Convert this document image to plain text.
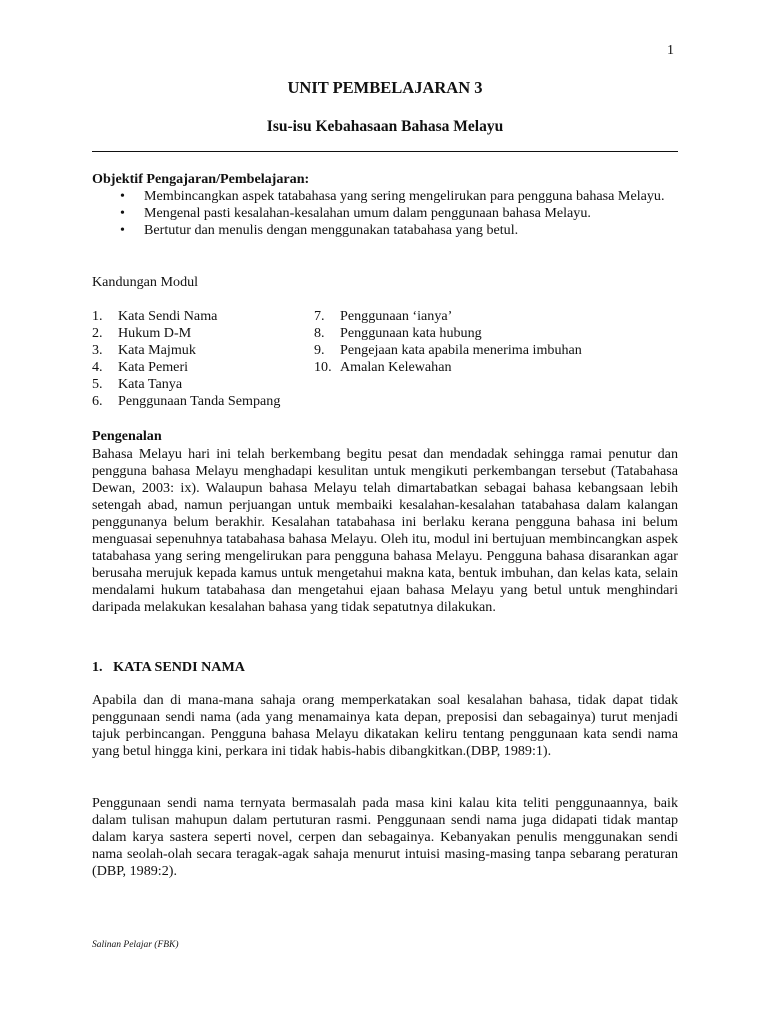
1
UNIT PEMBELAJARAN 3
Isu-isu Kebahasaan Bahasa Melayu
Objektif Pengajaran/Pembelajaran:
• Membincangkan aspek tatabahasa yang sering mengelirukan para pengguna bahasa Melayu.
• Mengenal pasti kesalahan-kesalahan umum dalam penggunaan bahasa Melayu.
• Bertutur dan menulis dengan menggunakan tatabahasa yang betul.
Kandungan Modul
1. Kata Sendi Nama
2. Hukum D-M
3. Kata Majmuk
4. Kata Pemeri
5. Kata Tanya
6. Penggunaan Tanda Sempang
7. Penggunaan ‘ianya’
8. Penggunaan kata hubung
9. Pengejaan kata apabila menerima imbuhan
10. Amalan Kelewahan
Pengenalan
Bahasa Melayu hari ini telah berkembang begitu pesat dan mendadak sehingga ramai penutur dan pengguna bahasa Melayu menghadapi kesulitan untuk mengikuti perkembangan tersebut (Tatabahasa Dewan, 2003: ix). Walaupun bahasa Melayu telah dimartabatkan sebagai bahasa kebangsaan lebih setengah abad, namun perjuangan untuk membaiki kesalahan-kesalahan tatabahasa dalam kalangan penggunanya belum berakhir. Kesalahan tatabahasa ini berlaku kerana pengguna bahasa ini belum menguasai sepenuhnya tatabahasa bahasa Melayu. Oleh itu, modul ini bertujuan membincangkan aspek tatabahasa yang sering mengelirukan para pengguna bahasa Melayu. Pengguna bahasa disarankan agar berusaha merujuk kepada kamus untuk mengetahui makna kata, bentuk imbuhan, dan kelas kata, selain mendalami hukum tatabahasa dan mengetahui ejaan bahasa Melayu yang betul untuk menghindari daripada melakukan kesalahan bahasa yang tidak sepatutnya dilakukan.
1.   KATA SENDI NAMA
Apabila dan di mana-mana sahaja orang memperkatakan soal kesalahan bahasa, tidak dapat tidak penggunaan sendi nama (ada yang menamainya kata depan, preposisi dan sebagainya) turut menjadi tajuk perbincangan. Pengguna bahasa Melayu dikatakan keliru tentang penggunaan kata sendi nama yang betul hingga kini, perkara ini tidak habis-habis dibangkitkan.(DBP, 1989:1).
Penggunaan sendi nama ternyata bermasalah pada masa kini kalau kita teliti penggunaannya, baik dalam tulisan mahupun dalam pertuturan rasmi. Penggunaan sendi nama juga didapati tidak mantap dalam karya sastera seperti novel, cerpen dan sebagainya. Kebanyakan penulis menggunakan sendi nama seolah-olah secara teragak-agak sahaja menurut intuisi masing-masing tanpa sebarang peraturan (DBP, 1989:2).
Salinan Pelajar (FBK)
